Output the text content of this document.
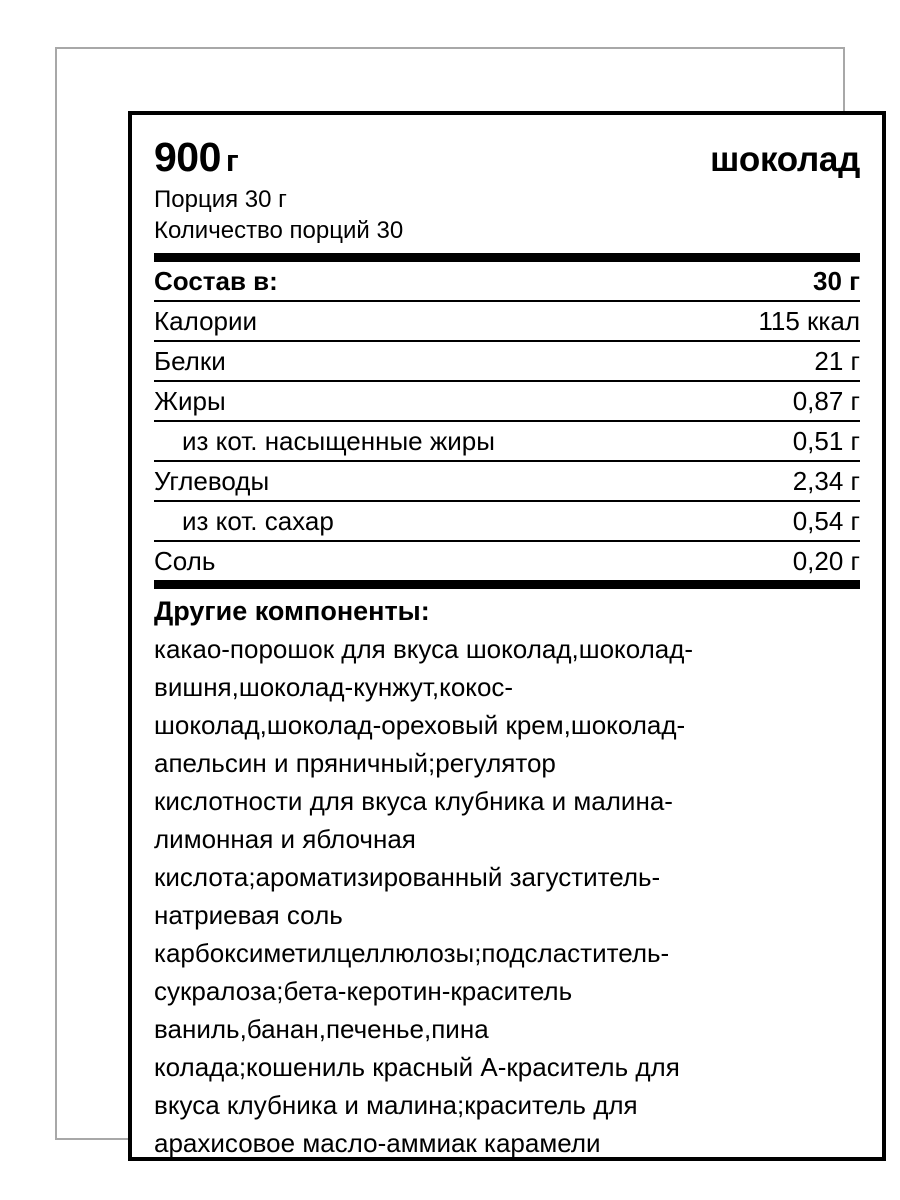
900 г	шоколад
Порция 30 г
Количество порций 30
Состав в:	30 г
Калории	115 ккал
Белки	21 г
Жиры	0,87 г
из кот. насыщенные жиры	0,51 г
Углеводы	2,34 г
из кот. сахар	0,54 г
Соль	0,20 г
Другие компоненты:
какао-порошок для вкуса шоколад,шоколад-
вишня,шоколад-кунжут,кокос-
шоколад,шоколад-ореховый крем,шоколад-
апельсин и пряничный;регулятор
кислотности для вкуса клубника и малина-
лимонная и яблочная
кислота;ароматизированный загуститель-
натриевая соль
карбоксиметилцеллюлозы;подсластитель-
сукралоза;бета-керотин-краситель
ваниль,банан,печенье,пина
колада;кошениль красный А-краситель для
вкуса клубника и малина;краситель для
арахисовое масло-аммиак карамели
